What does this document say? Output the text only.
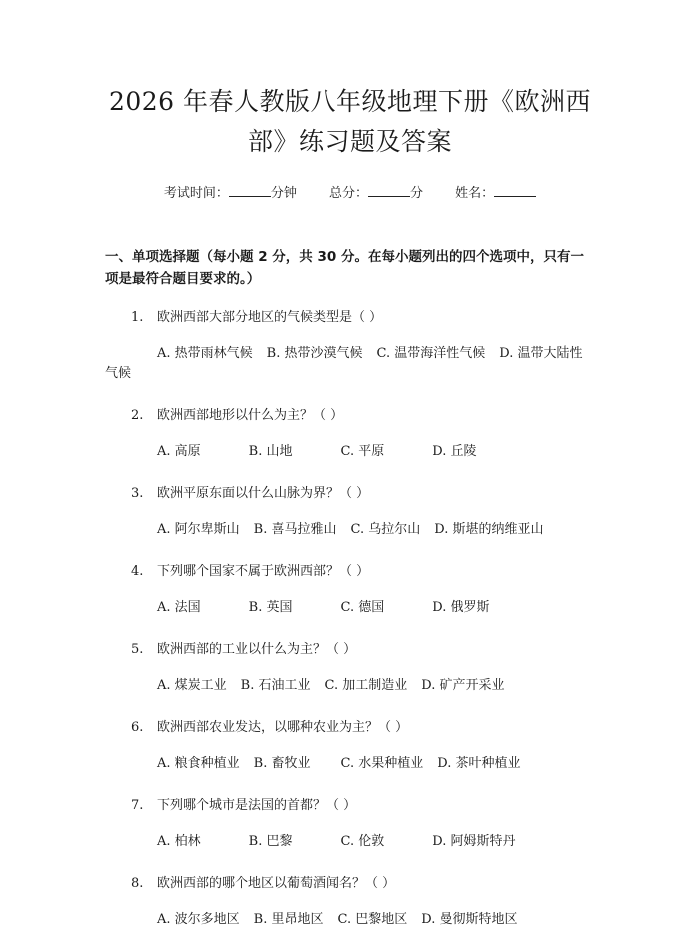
2026 年春人教版八年级地理下册《欧洲西
部》练习题及答案
考试时间：	分钟 总分：	分 姓名：
一、单项选择题（每小题 2 分，共 30 分。在每小题列出的四个选项中，只有一项是最符合题目要求的。）
1.	欧洲西部大部分地区的气候类型是（ ）
A. 热带雨林气候 B. 热带沙漠气候 C. 温带海洋性气候 D. 温带大陆性气候
2.	欧洲西部地形以什么为主？（ ）
A. 高原	B. 山地	C. 平原	D. 丘陵
3.	欧洲平原东面以什么山脉为界？（ ）
A. 阿尔卑斯山 B. 喜马拉雅山 C. 乌拉尔山 D. 斯堪的纳维亚山
4.	下列哪个国家不属于欧洲西部？（ ）
A. 法国	B. 英国	C. 德国	D. 俄罗斯
5.	欧洲西部的工业以什么为主？（ ）
A. 煤炭工业 B. 石油工业 C. 加工制造业 D. 矿产开采业
6.	欧洲西部农业发达，以哪种农业为主？（ ）
A. 粮食种植业 B. 畜牧业 C. 水果种植业 D. 茶叶种植业
7.	下列哪个城市是法国的首都？（ ）
A. 柏林	B. 巴黎	C. 伦敦	D. 阿姆斯特丹
8.	欧洲西部的哪个地区以葡萄酒闻名？（ ）
A. 波尔多地区 B. 里昂地区 C. 巴黎地区 D. 曼彻斯特地区
